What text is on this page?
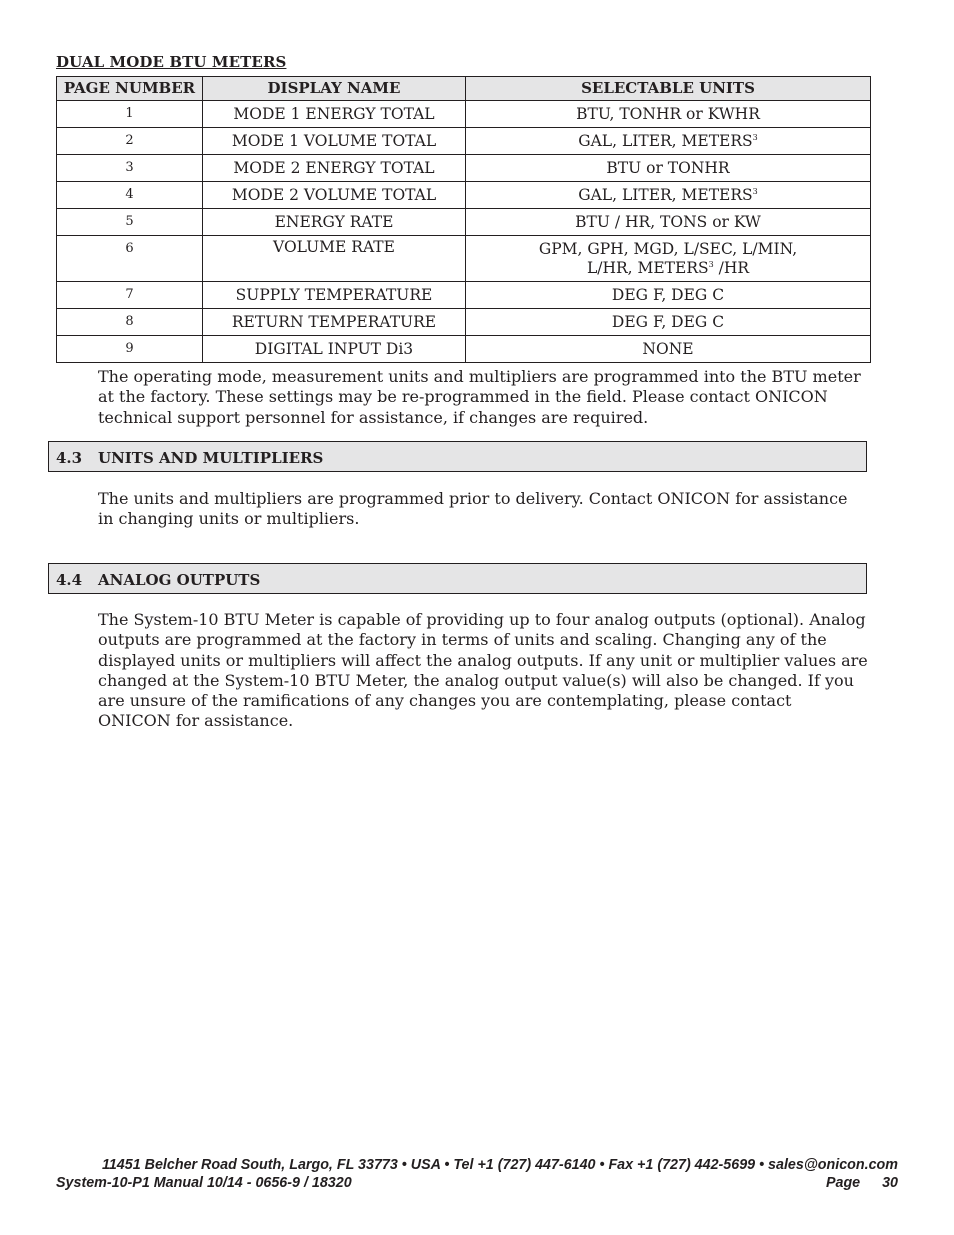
DUAL MODE BTU METERS
PAGE NUMBER	DISPLAY NAME	SELECTABLE UNITS
1	MODE 1 ENERGY TOTAL	BTU, TONHR or KWHR
2	MODE 1 VOLUME TOTAL	GAL, LITER, METERS$^3$
3	MODE 2 ENERGY TOTAL	BTU or TONHR
4	MODE 2 VOLUME TOTAL	GAL, LITER, METERS$^3$
5	ENERGY RATE	BTU / HR, TONS or KW
6	VOLUME RATE	GPM, GPH, MGD, L/SEC, L/MIN,
L/HR, METERS$^3$ /HR

7	SUPPLY TEMPERATURE	DEG F, DEG C
8	RETURN TEMPERATURE	DEG F, DEG C
9	DIGITAL INPUT Di3	NONE

The operating mode, measurement units and multipliers are programmed into the BTU meter at the factory. These settings may be re-programmed in the field. Please contact ONICON technical support personnel for assistance, if changes are required.

4.3 UNITS AND MULTIPLIERS

The units and multipliers are programmed prior to delivery. Contact ONICON for assistance in changing units or multipliers.

4.4 ANALOG OUTPUTS

The System-10 BTU Meter is capable of providing up to four analog outputs (optional). Analog outputs are programmed at the factory in terms of units and scaling. Changing any of the displayed units or multipliers will affect the analog outputs. If any unit or multiplier values are changed at the System-10 BTU Meter, the analog output value(s) will also be changed. If you are unsure of the ramifications of any changes you are contemplating, please contact ONICON for assistance.

11451 Belcher Road South, Largo, FL 33773 • USA • Tel +1 (727) 447-6140 • Fax +1 (727) 442-5699 • sales@onicon.com
System-10-P1 Manual 10/14 - 0656-9 / 18320	Page 30
